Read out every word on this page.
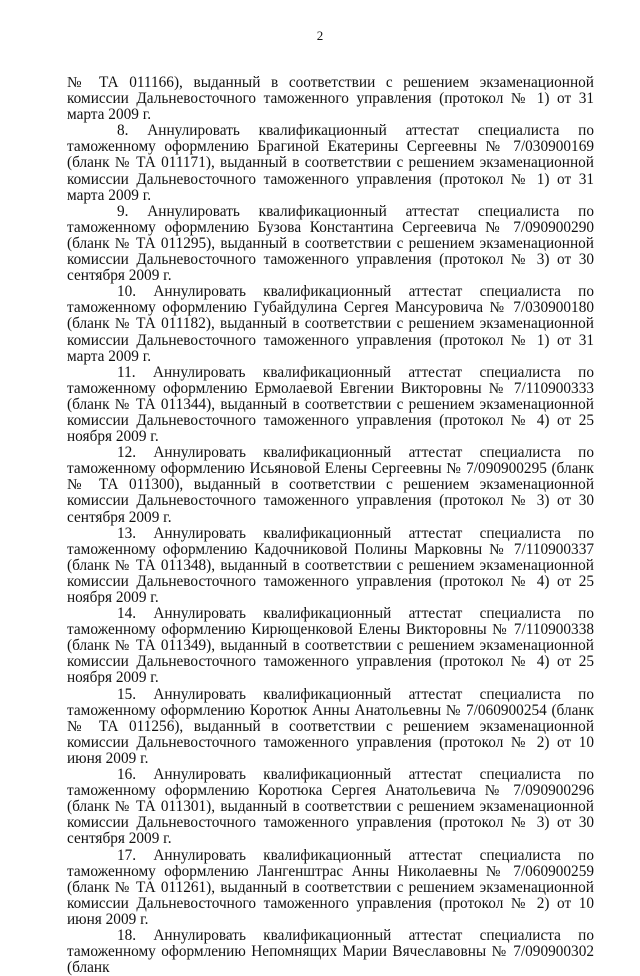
2

№ ТА 011166), выданный в соответствии с решением экзаменационной комиссии Дальневосточного таможенного управления (протокол № 1) от 31 марта 2009 г.

8. Аннулировать квалификационный аттестат специалиста по таможенному оформлению Брагиной Екатерины Сергеевны № 7/030900169 (бланк № ТА 011171), выданный в соответствии с решением экзаменационной комиссии Дальневосточного таможенного управления (протокол № 1) от 31 марта 2009 г.

9. Аннулировать квалификационный аттестат специалиста по таможенному оформлению Бузова Константина Сергеевича № 7/090900290 (бланк № ТА 011295), выданный в соответствии с решением экзаменационной комиссии Дальневосточного таможенного управления (протокол № 3) от 30 сентября 2009 г.

10. Аннулировать квалификационный аттестат специалиста по таможенному оформлению Губайдулина Сергея Мансуровича № 7/030900180 (бланк № ТА 011182), выданный в соответствии с решением экзаменационной комиссии Дальневосточного таможенного управления (протокол № 1) от 31 марта 2009 г.

11. Аннулировать квалификационный аттестат специалиста по таможенному оформлению Ермолаевой Евгении Викторовны № 7/110900333 (бланк № ТА 011344), выданный в соответствии с решением экзаменационной комиссии Дальневосточного таможенного управления (протокол № 4) от 25 ноября 2009 г.

12. Аннулировать квалификационный аттестат специалиста по таможенному оформлению Исьяновой Елены Сергеевны № 7/090900295 (бланк № ТА 011300), выданный в соответствии с решением экзаменационной комиссии Дальневосточного таможенного управления (протокол № 3) от 30 сентября 2009 г.

13. Аннулировать квалификационный аттестат специалиста по таможенному оформлению Кадочниковой Полины Марковны № 7/110900337 (бланк № ТА 011348), выданный в соответствии с решением экзаменационной комиссии Дальневосточного таможенного управления (протокол № 4) от 25 ноября 2009 г.

14. Аннулировать квалификационный аттестат специалиста по таможенному оформлению Кирющенковой Елены Викторовны № 7/110900338 (бланк № ТА 011349), выданный в соответствии с решением экзаменационной комиссии Дальневосточного таможенного управления (протокол № 4) от 25 ноября 2009 г.

15. Аннулировать квалификационный аттестат специалиста по таможенному оформлению Коротюк Анны Анатольевны № 7/060900254 (бланк № ТА 011256), выданный в соответствии с решением экзаменационной комиссии Дальневосточного таможенного управления (протокол № 2) от 10 июня 2009 г.

16. Аннулировать квалификационный аттестат специалиста по таможенному оформлению Коротюка Сергея Анатольевича № 7/090900296 (бланк № ТА 011301), выданный в соответствии с решением экзаменационной комиссии Дальневосточного таможенного управления (протокол № 3) от 30 сентября 2009 г.

17. Аннулировать квалификационный аттестат специалиста по таможенному оформлению Лангенштрас Анны Николаевны № 7/060900259 (бланк № ТА 011261), выданный в соответствии с решением экзаменационной комиссии Дальневосточного таможенного управления (протокол № 2) от 10 июня 2009 г.

18. Аннулировать квалификационный аттестат специалиста по таможенному оформлению Непомнящих Марии Вячеславовны № 7/090900302 (бланк
